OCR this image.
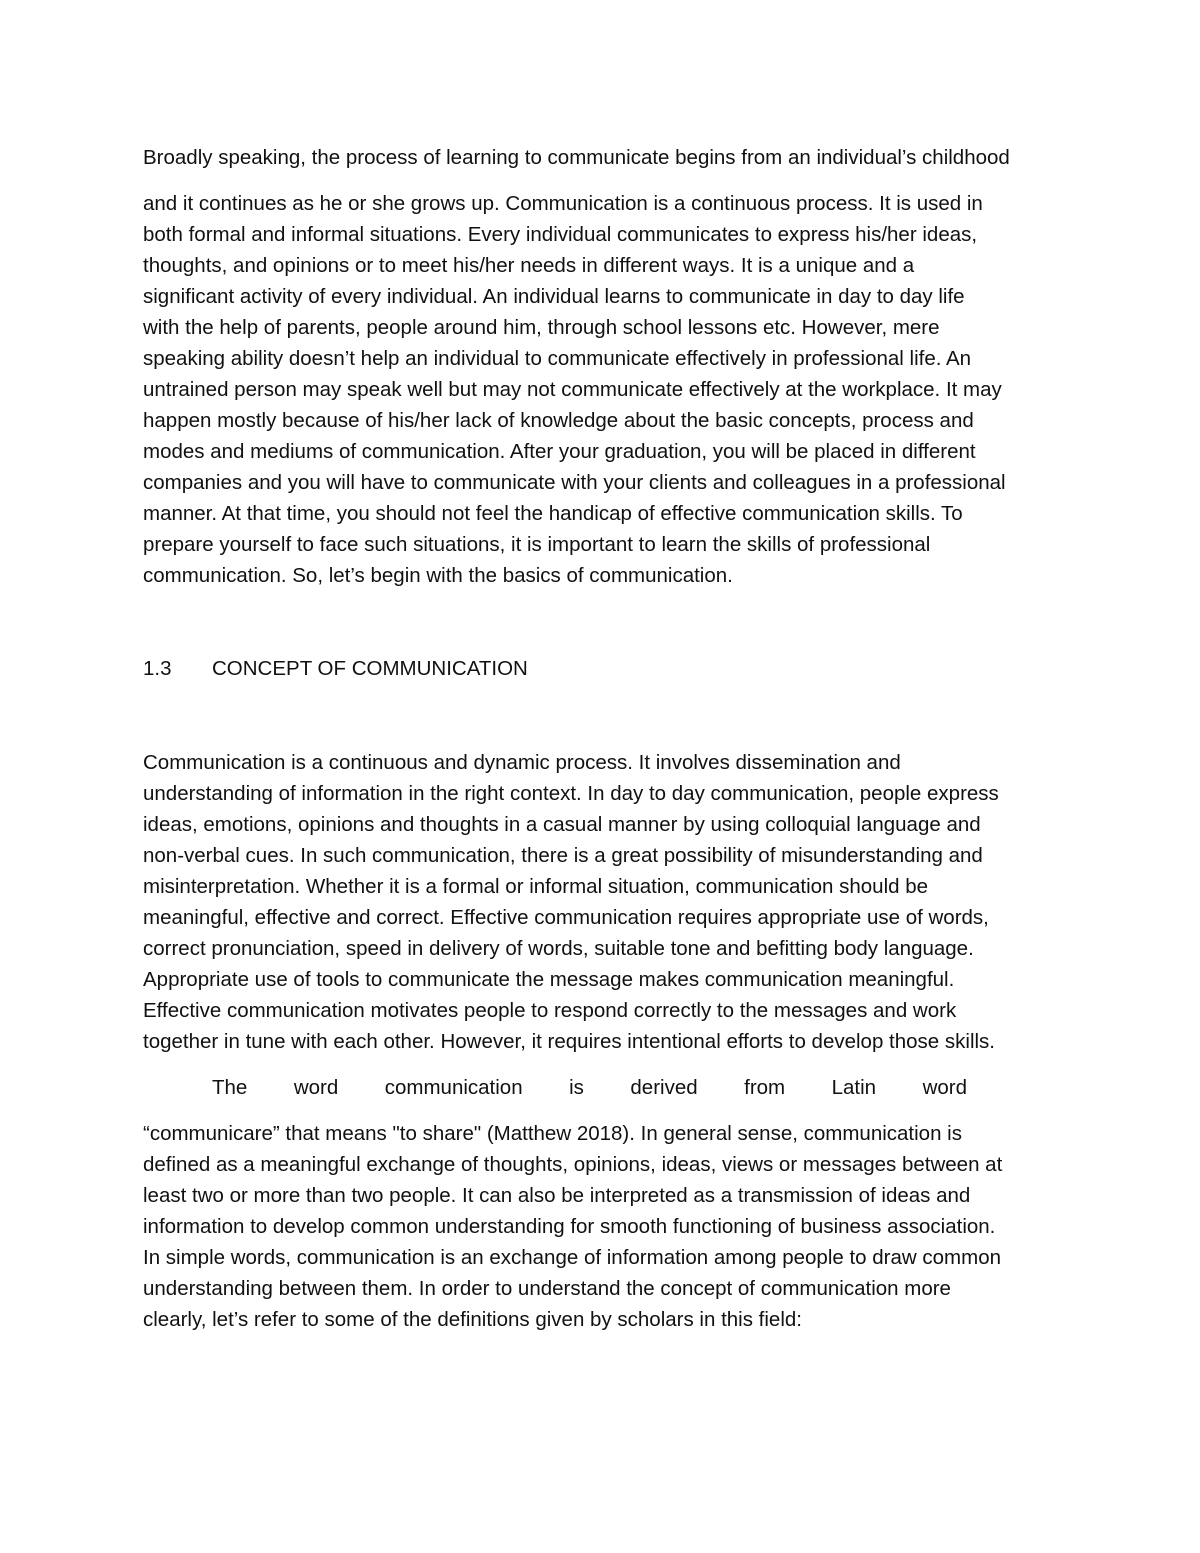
Broadly speaking, the process of learning to communicate begins from an individual’s childhood
and it continues as he or she grows up. Communication is a continuous process. It is used in
both formal and informal situations. Every individual communicates to express his/her ideas,
thoughts, and opinions or to meet his/her needs in different ways. It is a unique and a
significant activity of every individual. An individual learns to communicate in day to day life
with the help of parents, people around him, through school lessons etc. However, mere
speaking ability doesn’t help an individual to communicate effectively in professional life. An
untrained person may speak well but may not communicate effectively at the workplace. It may
happen mostly because of his/her lack of knowledge about the basic concepts, process and
modes and mediums of communication. After your graduation, you will be placed in different
companies and you will have to communicate with your clients and colleagues in a professional
manner. At that time, you should not feel the handicap of effective communication skills. To
prepare yourself to face such situations, it is important to learn the skills of professional
communication. So, let’s begin with the basics of communication.
1.3 CONCEPT OF COMMUNICATION
Communication is a continuous and dynamic process. It involves dissemination and
understanding of information in the right context. In day to day communication, people express
ideas, emotions, opinions and thoughts in a casual manner by using colloquial language and
non-verbal cues. In such communication, there is a great possibility of misunderstanding and
misinterpretation. Whether it is a formal or informal situation, communication should be
meaningful, effective and correct. Effective communication requires appropriate use of words,
correct pronunciation, speed in delivery of words, suitable tone and befitting body language.
Appropriate use of tools to communicate the message makes communication meaningful.
Effective communication motivates people to respond correctly to the messages and work
together in tune with each other. However, it requires intentional efforts to develop those skills.
The word communication is derived from Latin word
“communicare” that means "to share" (Matthew 2018). In general sense, communication is
defined as a meaningful exchange of thoughts, opinions, ideas, views or messages between at
least two or more than two people. It can also be interpreted as a transmission of ideas and
information to develop common understanding for smooth functioning of business association.
In simple words, communication is an exchange of information among people to draw common
understanding between them. In order to understand the concept of communication more
clearly, let’s refer to some of the definitions given by scholars in this field:
